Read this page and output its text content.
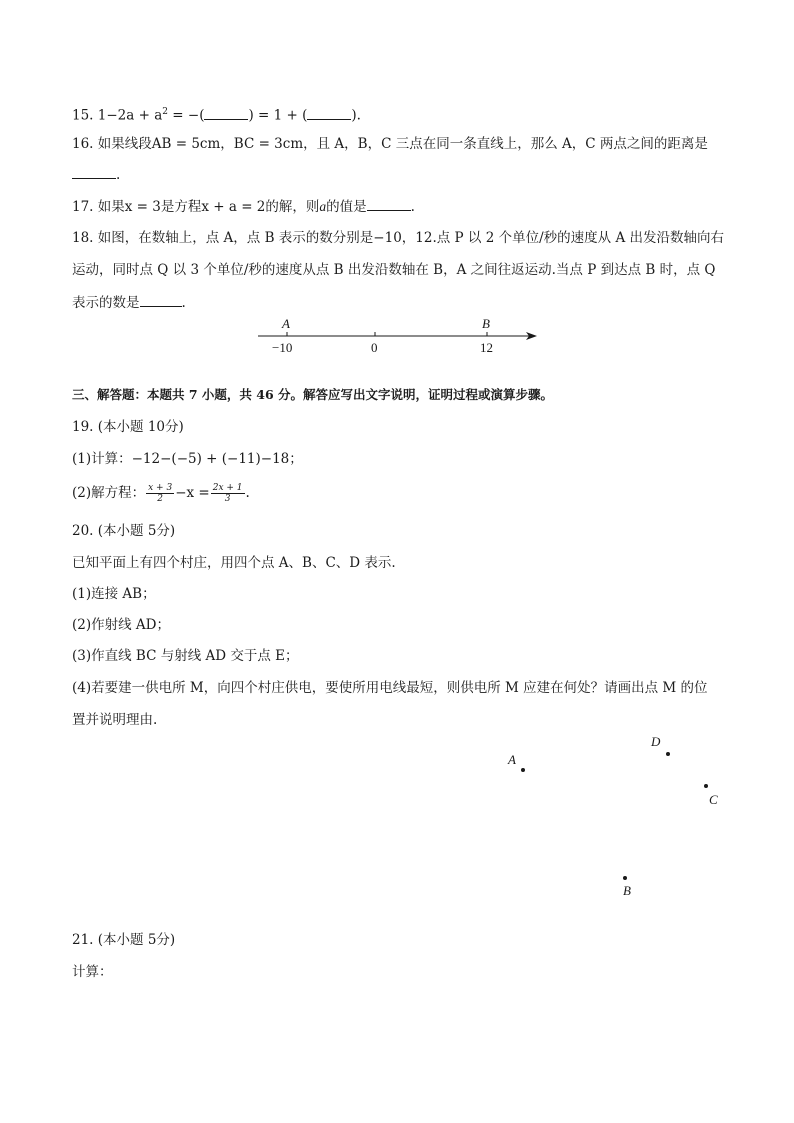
15. $1-2a + a^2$ = −(	) = 1 + (	).
16. 如果线段AB = 5cm，BC = 3cm，且 A，B，C 三点在同一条直线上，那么 A，C 两点之间的距离是
.
17. 如果x = 3是方程x + a = 2的解，则a的值是	.
18. 如图，在数轴上，点 A，点 B 表示的数分别是−10，12.点 P 以 2 个单位/秒的速度从 A 出发沿数轴向右
运动，同时点 Q 以 3 个单位/秒的速度从点 B 出发沿数轴在 B，A 之间往返运动.当点 P 到达点 B 时，点 Q
表示的数是	.
A	B
−10	0	12
三、解答题：本题共 7 小题，共 46 分。解答应写出文字说明，证明过程或演算步骤。
19. (本小题 10分)
(1)计算：−12−(−5) + (−11)−18；
(2)解方程： $\frac{x + 3}{2} -x = \frac{2x + 1}{3}$ .
20. (本小题 5分)
已知平面上有四个村庄，用四个点 A、B、C、D 表示.
(1)连接 AB；
(2)作射线 AD；
(3)作直线 BC 与射线 AD 交于点 E；
(4)若要建一供电所 M，向四个村庄供电，要使所用电线最短，则供电所 M 应建在何处？请画出点 M 的位
置并说明理由.
A
D
C
B
21. (本小题 5分)
计算：
